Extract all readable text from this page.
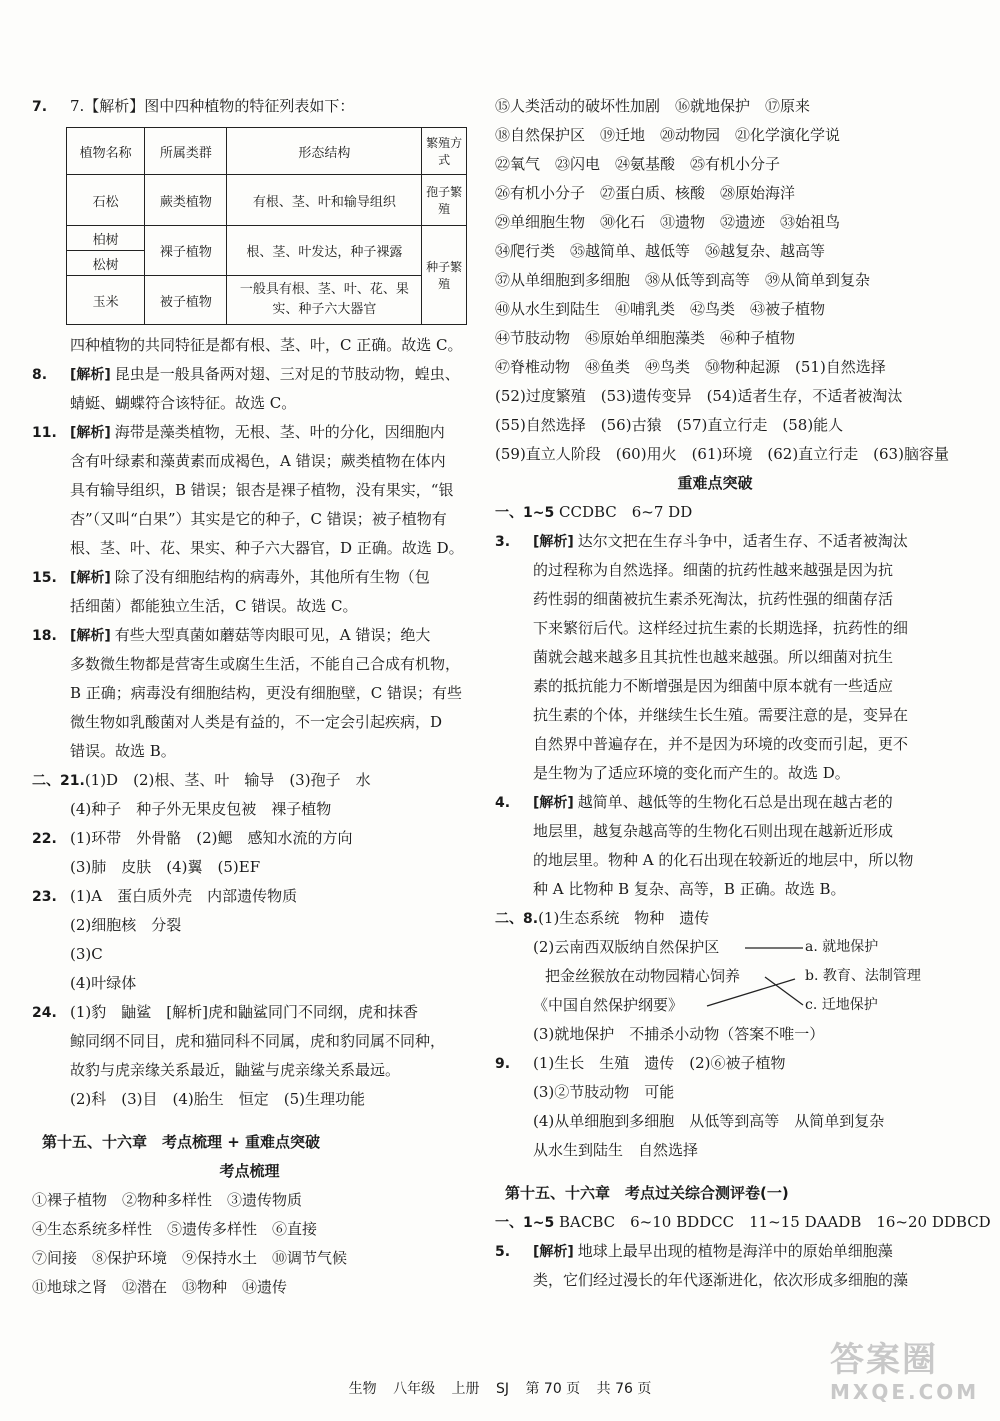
7. 7.【解析】图中四种植物的特征列表如下：
植物名称	所属类群	形态结构	繁殖方式
石松	蕨类植物	有根、茎、叶和输导组织	孢子繁殖
柏树	裸子植物	根、茎、叶发达，种子裸露	种子繁殖
松树			
玉米	被子植物	一般具有根、茎、叶、花、果实、种子六大器官	
四种植物的共同特征是都有根、茎、叶，C 正确。故选 C。
8. [解析] 昆虫是一般具备两对翅、三对足的节肢动物，蝗虫、
蜻蜓、蝴蝶符合该特征。故选 C。
11. [解析] 海带是藻类植物，无根、茎、叶的分化，因细胞内
含有叶绿素和藻黄素而成褐色，A 错误；蕨类植物在体内
具有输导组织，B 错误；银杏是裸子植物，没有果实，“银
杏”（又叫“白果”）其实是它的种子，C 错误；被子植物有
根、茎、叶、花、果实、种子六大器官，D 正确。故选 D。
15. [解析] 除了没有细胞结构的病毒外，其他所有生物（包
括细菌）都能独立生活，C 错误。故选 C。
18. [解析] 有些大型真菌如蘑菇等肉眼可见，A 错误；绝大
多数微生物都是营寄生或腐生生活，不能自己合成有机物，
B 正确；病毒没有细胞结构，更没有细胞壁，C 错误；有些
微生物如乳酸菌对人类是有益的，不一定会引起疾病，D
错误。故选 B。
二、21.(1)D　(2)根、茎、叶　输导　(3)孢子　水
(4)种子　种子外无果皮包被　裸子植物
22. (1)环带　外骨骼　(2)鳃　感知水流的方向
(3)肺　皮肤　(4)翼　(5)EF
23. (1)A　蛋白质外壳　内部遗传物质
(2)细胞核　分裂
(3)C
(4)叶绿体
24. (1)豹　鼬鲨　[解析]虎和鼬鲨同门不同纲，虎和抹香
鲸同纲不同目，虎和猫同科不同属，虎和豹同属不同种，
故豹与虎亲缘关系最近，鼬鲨与虎亲缘关系最远。
(2)科　(3)目　(4)胎生　恒定　(5)生理功能
第十五、十六章　考点梳理 + 重难点突破
考点梳理
①裸子植物　②物种多样性　③遗传物质
④生态系统多样性　⑤遗传多样性　⑥直接
⑦间接　⑧保护环境　⑨保持水土　⑩调节气候
⑪地球之肾　⑫潜在　⑬物种　⑭遗传
⑮人类活动的破坏性加剧　⑯就地保护　⑰原来
⑱自然保护区　⑲迁地　⑳动物园　㉑化学演化学说
㉒氧气　㉓闪电　㉔氨基酸　㉕有机小分子
㉖有机小分子　㉗蛋白质、核酸　㉘原始海洋
㉙单细胞生物　㉚化石　㉛遗物　㉜遗迹　㉝始祖鸟
㉞爬行类　㉟越简单、越低等　㊱越复杂、越高等
㊲从单细胞到多细胞　㊳从低等到高等　㊴从简单到复杂
㊵从水生到陆生　㊶哺乳类　㊷鸟类　㊸被子植物
㊹节肢动物　㊺原始单细胞藻类　㊻种子植物
㊼脊椎动物　㊽鱼类　㊾鸟类　㊿物种起源　(51)自然选择
(52)过度繁殖　(53)遗传变异　(54)适者生存，不适者被淘汰
(55)自然选择　(56)古猿　(57)直立行走　(58)能人
(59)直立人阶段　(60)用火　(61)环境　(62)直立行走　(63)脑容量
重难点突破
一、1~5 CCDBC　6~7 DD
3. [解析] 达尔文把在生存斗争中，适者生存、不适者被淘汰
的过程称为自然选择。细菌的抗药性越来越强是因为抗
药性弱的细菌被抗生素杀死淘汰，抗药性强的细菌存活
下来繁衍后代。这样经过抗生素的长期选择，抗药性的细
菌就会越来越多且其抗性也越来越强。所以细菌对抗生
素的抵抗能力不断增强是因为细菌中原本就有一些适应
抗生素的个体，并继续生长生殖。需要注意的是，变异在
自然界中普遍存在，并不是因为环境的改变而引起，更不
是生物为了适应环境的变化而产生的。故选 D。
4. [解析] 越简单、越低等的生物化石总是出现在越古老的
地层里，越复杂越高等的生物化石则出现在越新近形成
的地层里。物种 A 的化石出现在较新近的地层中，所以物
种 A 比物种 B 复杂、高等，B 正确。故选 B。
二、8.(1)生态系统　物种　遗传
(2)云南西双版纳自然保护区
把金丝猴放在动物园精心饲养
《中国自然保护纲要》
a. 就地保护
b. 教育、法制管理
c. 迁地保护
(3)就地保护　不捕杀小动物（答案不唯一）
9. (1)生长　生殖　遗传　(2)⑥被子植物
(3)②节肢动物　可能
(4)从单细胞到多细胞　从低等到高等　从简单到复杂
从水生到陆生　自然选择
第十五、十六章　考点过关综合测评卷(一)
一、1~5 BACBC　6~10 BDDCC　11~15 DAADB　16~20 DDBCD
5. [解析] 地球上最早出现的植物是海洋中的原始单细胞藻
类，它们经过漫长的年代逐渐进化，依次形成多细胞的藻
生物 八年级 上册 SJ 第 70 页 共 76 页
答案圈
MXQE.COM
